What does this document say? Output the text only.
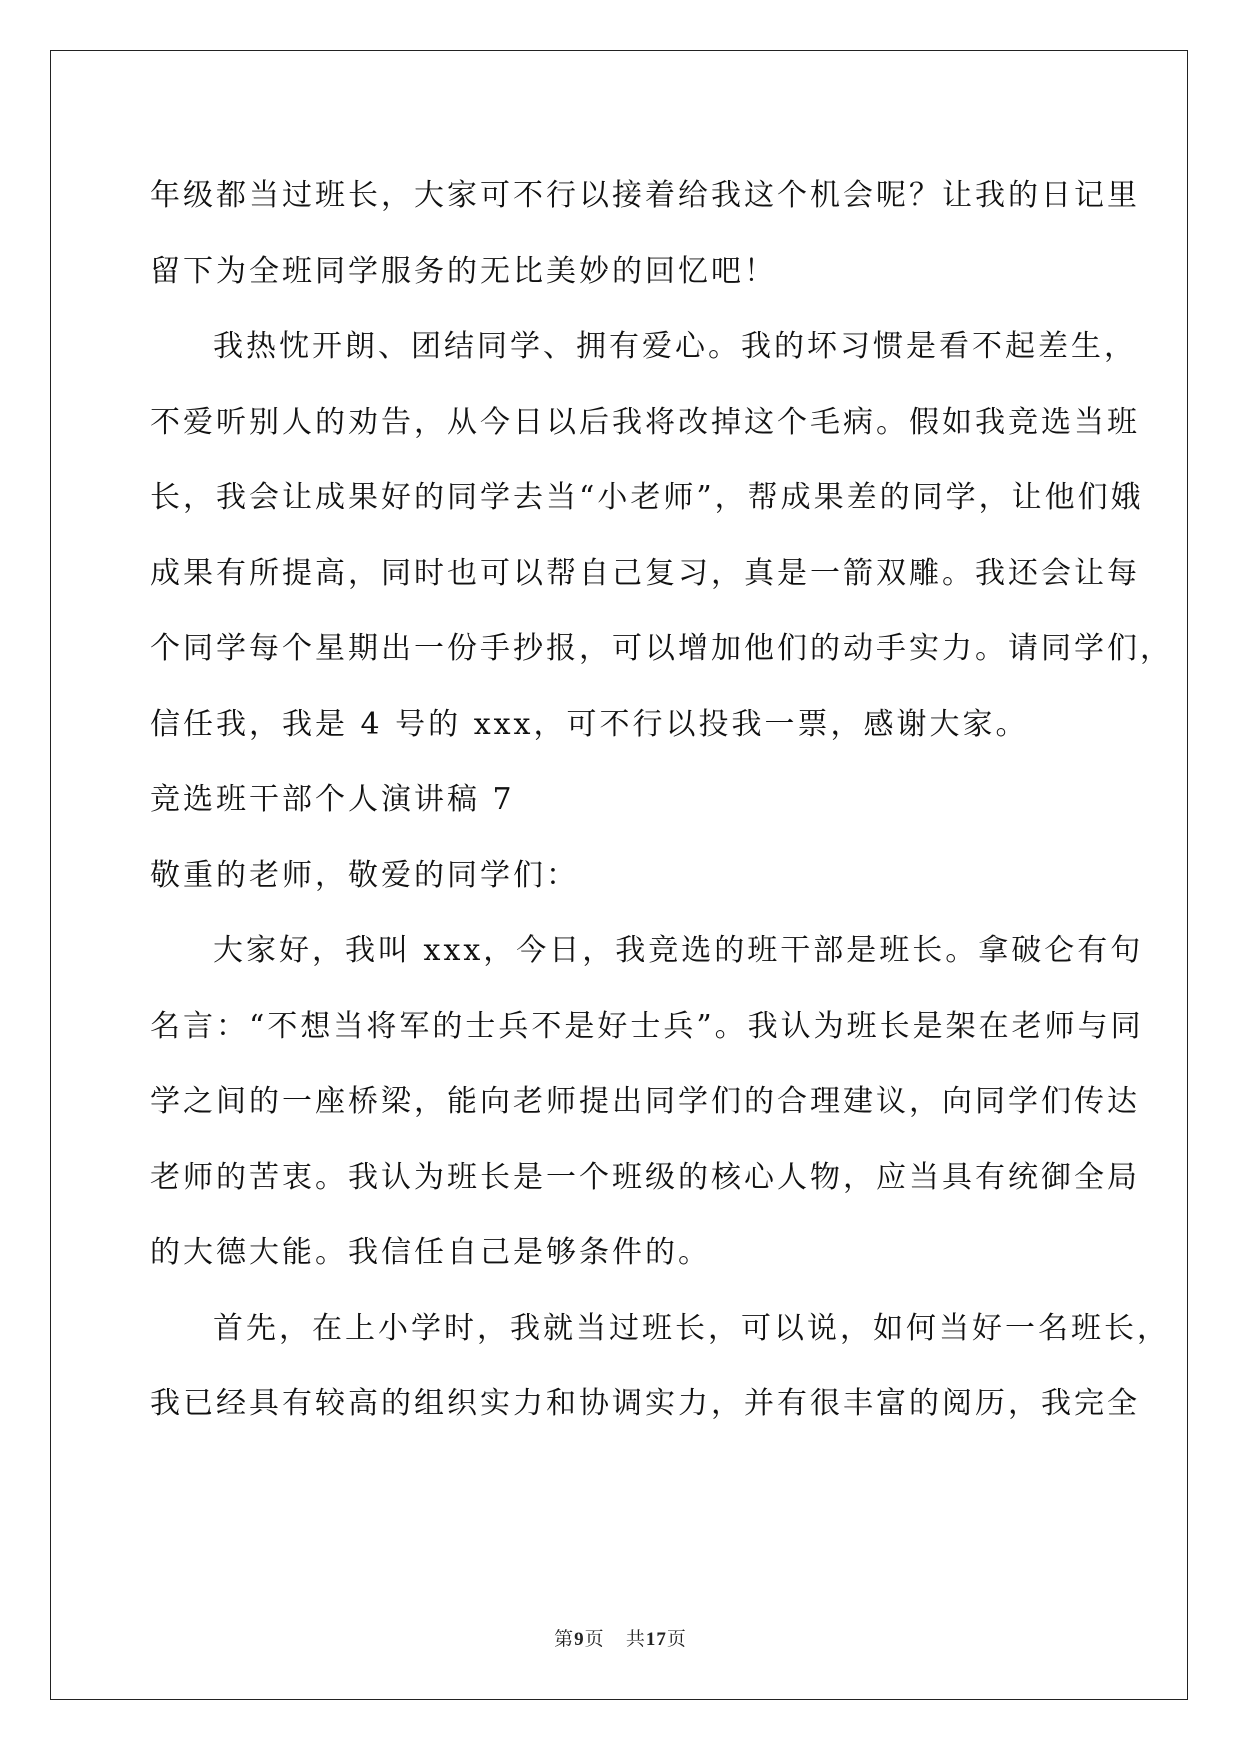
年级都当过班长，大家可不行以接着给我这个机会呢？让我的日记里
留下为全班同学服务的无比美妙的回忆吧！
我热忱开朗、团结同学、拥有爱心。我的坏习惯是看不起差生，
不爱听别人的劝告，从今日以后我将改掉这个毛病。假如我竞选当班
长，我会让成果好的同学去当“小老师”，帮成果差的同学，让他们娥
成果有所提高，同时也可以帮自己复习，真是一箭双雕。我还会让每
个同学每个星期出一份手抄报，可以增加他们的动手实力。请同学们，
信任我，我是 4 号的 xxx，可不行以投我一票，感谢大家。
竞选班干部个人演讲稿 7
敬重的老师，敬爱的同学们：
大家好，我叫 xxx，今日，我竞选的班干部是班长。拿破仑有句
名言：“不想当将军的士兵不是好士兵”。我认为班长是架在老师与同
学之间的一座桥梁，能向老师提出同学们的合理建议，向同学们传达
老师的苦衷。我认为班长是一个班级的核心人物，应当具有统御全局
的大德大能。我信任自己是够条件的。
首先，在上小学时，我就当过班长，可以说，如何当好一名班长，
我已经具有较高的组织实力和协调实力，并有很丰富的阅历，我完全
第9页 共17页
